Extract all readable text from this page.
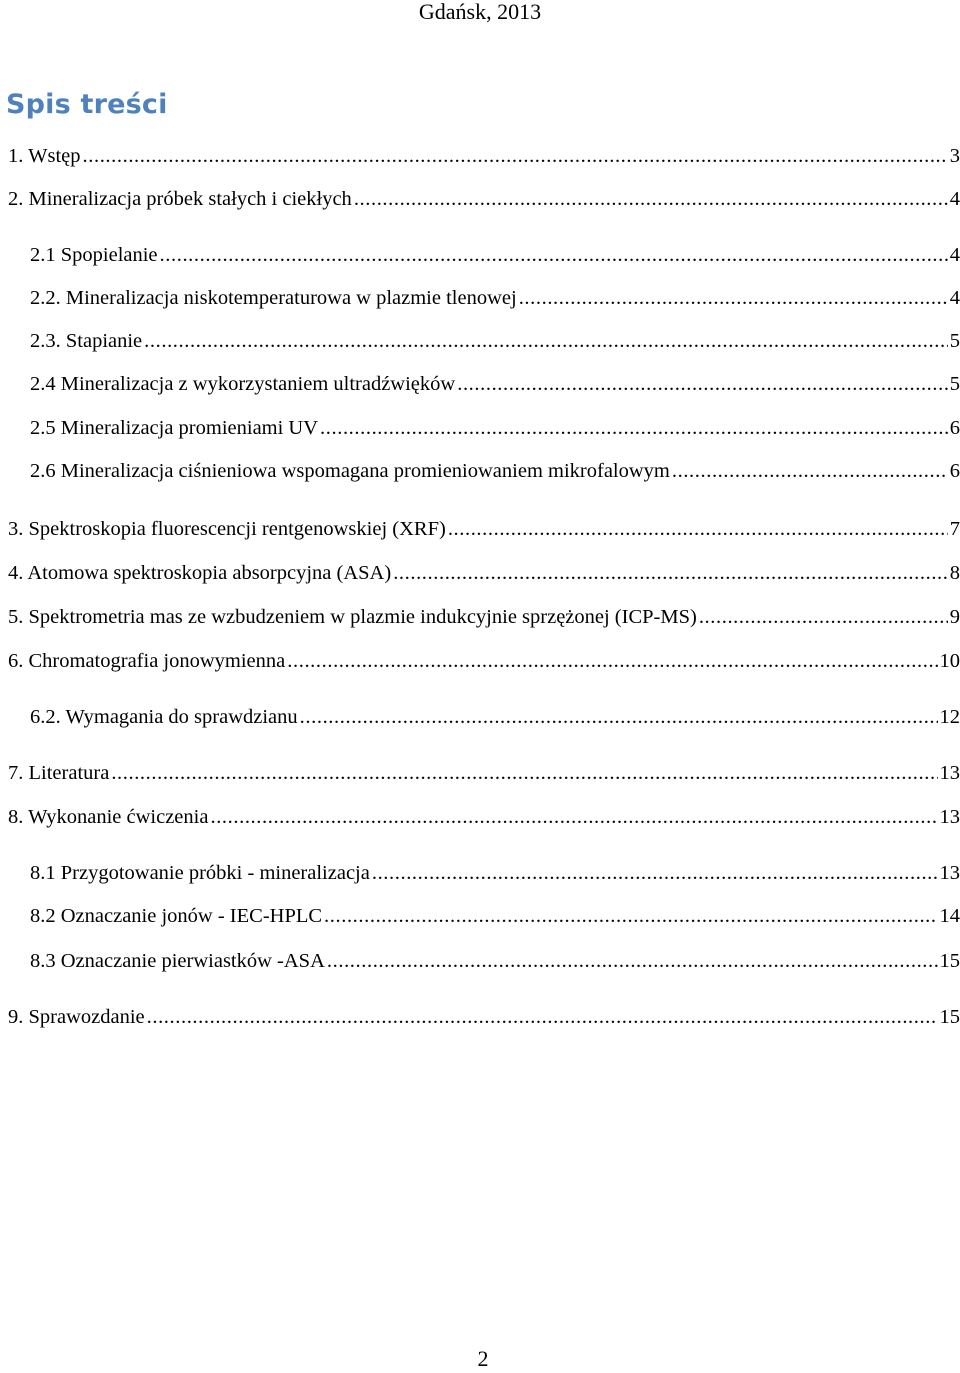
Gdańsk, 2013
Spis treści
1. Wstęp .....	3
2. Mineralizacja próbek stałych i ciekłych .....	4
2.1 Spopielanie .....	4
2.2. Mineralizacja niskotemperaturowa w plazmie tlenowej .....	4
2.3. Stapianie .....	5
2.4 Mineralizacja z wykorzystaniem ultradźwięków .....	5
2.5 Mineralizacja promieniami UV .....	6
2.6 Mineralizacja ciśnieniowa wspomagana promieniowaniem mikrofalowym .....	6
3. Spektroskopia fluorescencji rentgenowskiej (XRF) .....	7
4. Atomowa spektroskopia absorpcyjna (ASA) .....	8
5. Spektrometria mas ze wzbudzeniem w plazmie indukcyjnie sprzężonej (ICP-MS) .....	9
6. Chromatografia jonowymienna .....	10
6.2. Wymagania do sprawdzianu .....	12
7. Literatura .....	13
8. Wykonanie ćwiczenia .....	13
8.1 Przygotowanie próbki - mineralizacja .....	13
8.2 Oznaczanie jonów - IEC-HPLC .....	14
8.3 Oznaczanie pierwiastków -ASA .....	15
9. Sprawozdanie .....	15
2
